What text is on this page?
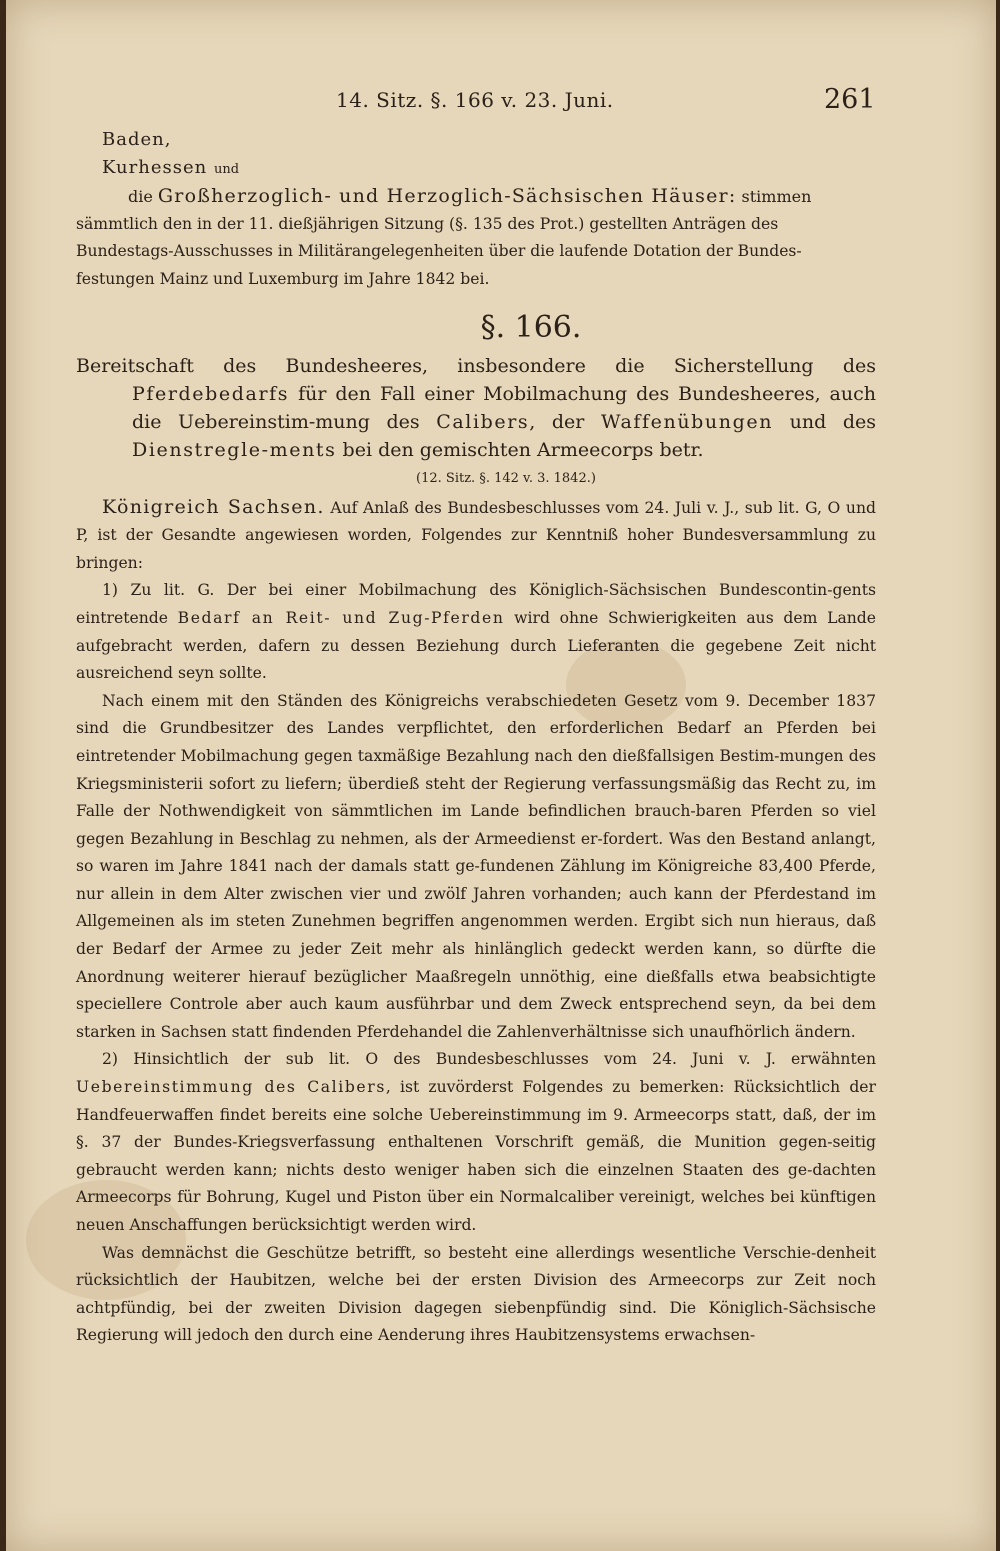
14. Sitz. §. 166 v. 23. Juni.	261
Baden,
Kurhessen und
die Großherzoglich- und Herzoglich-Sächsischen Häuser: stimmen
sämmtlich den in der 11. dießjährigen Sitzung (§. 135 des Prot.) gestellten Anträgen des
Bundestags-Ausschusses in Militärangelegenheiten über die laufende Dotation der Bundes-
festungen Mainz und Luxemburg im Jahre 1842 bei.
§. 166.

Bereitschaft des Bundesheeres, insbesondere die Sicherstellung des Pferdebedarfs für den Fall einer Mobilmachung des Bundesheeres, auch die Uebereinstim-mung des Calibers, der Waffenübungen und des Dienstregle-ments bei den gemischten Armeecorps betr.

(12. Sitz. §. 142 v. 3. 1842.)

Königreich Sachsen. Auf Anlaß des Bundesbeschlusses vom 24. Juli v. J., sub lit. G, O und P, ist der Gesandte angewiesen worden, Folgendes zur Kenntniß hoher Bundesversammlung zu bringen:

1) Zu lit. G. Der bei einer Mobilmachung des Königlich-Sächsischen Bundescontin-gents eintretende Bedarf an Reit- und Zug-Pferden wird ohne Schwierigkeiten aus dem Lande aufgebracht werden, dafern zu dessen Beziehung durch Lieferanten die gegebene Zeit nicht ausreichend seyn sollte.

Nach einem mit den Ständen des Königreichs verabschiedeten Gesetz vom 9. December 1837 sind die Grundbesitzer des Landes verpflichtet, den erforderlichen Bedarf an Pferden bei eintretender Mobilmachung gegen taxmäßige Bezahlung nach den dießfallsigen Bestim-mungen des Kriegsministerii sofort zu liefern; überdieß steht der Regierung verfassungsmäßig das Recht zu, im Falle der Nothwendigkeit von sämmtlichen im Lande befindlichen brauch-baren Pferden so viel gegen Bezahlung in Beschlag zu nehmen, als der Armeedienst er-fordert. Was den Bestand anlangt, so waren im Jahre 1841 nach der damals statt ge-fundenen Zählung im Königreiche 83,400 Pferde, nur allein in dem Alter zwischen vier und zwölf Jahren vorhanden; auch kann der Pferdestand im Allgemeinen als im steten Zunehmen begriffen angenommen werden. Ergibt sich nun hieraus, daß der Bedarf der Armee zu jeder Zeit mehr als hinlänglich gedeckt werden kann, so dürfte die Anordnung weiterer hierauf bezüglicher Maaßregeln unnöthig, eine dießfalls etwa beabsichtigte speciellere Controle aber auch kaum ausführbar und dem Zweck entsprechend seyn, da bei dem starken in Sachsen statt findenden Pferdehandel die Zahlenverhältnisse sich unaufhörlich ändern.

2) Hinsichtlich der sub lit. O des Bundesbeschlusses vom 24. Juni v. J. erwähnten Uebereinstimmung des Calibers, ist zuvörderst Folgendes zu bemerken: Rücksichtlich der Handfeuerwaffen findet bereits eine solche Uebereinstimmung im 9. Armeecorps statt, daß, der im §. 37 der Bundes-Kriegsverfassung enthaltenen Vorschrift gemäß, die Munition gegen-seitig gebraucht werden kann; nichts desto weniger haben sich die einzelnen Staaten des ge-dachten Armeecorps für Bohrung, Kugel und Piston über ein Normalcaliber vereinigt, welches bei künftigen neuen Anschaffungen berücksichtigt werden wird.

Was demnächst die Geschütze betrifft, so besteht eine allerdings wesentliche Verschie-denheit rücksichtlich der Haubitzen, welche bei der ersten Division des Armeecorps zur Zeit noch achtpfündig, bei der zweiten Division dagegen siebenpfündig sind. Die Königlich-Sächsische Regierung will jedoch den durch eine Aenderung ihres Haubitzensystems erwachsen-
